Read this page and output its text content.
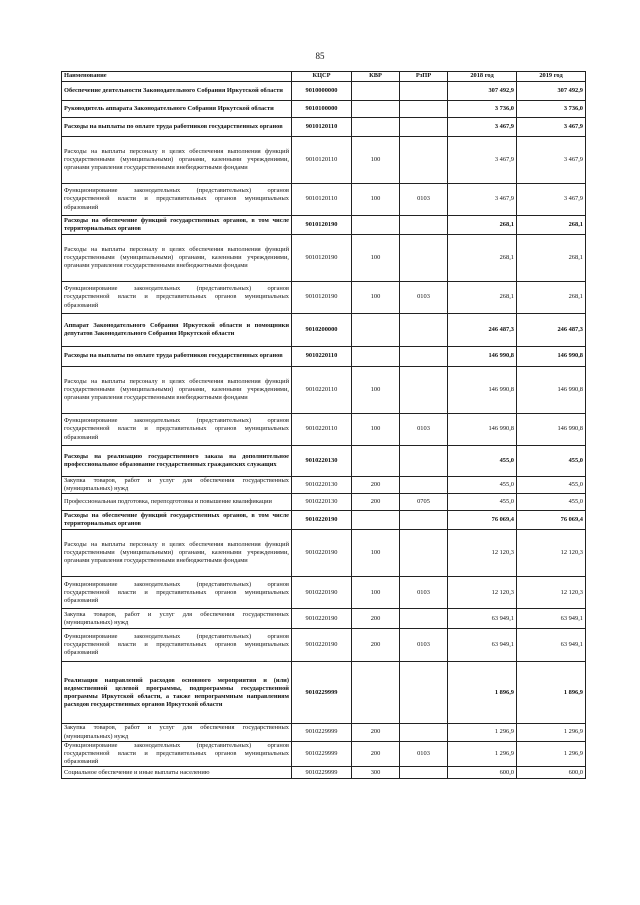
85
Наименование	КЦСР	КВР	РзПР	2018 год	2019 год
Обеспечение деятельности Законодательного Собрания Иркутской области	9010000000			307 492,9	307 492,9
Руководитель аппарата Законодательного Собрания Иркутской области	9010100000			3 736,0	3 736,0
Расходы на выплаты по оплате труда работников государственных органов	9010120110			3 467,9	3 467,9
Расходы на выплаты персоналу в целях обеспечения выполнения функций государственными (муниципальными) органами, казенными учреждениями, органами управления государственными внебюджетными фондами	9010120110	100		3 467,9	3 467,9
Функционирование законодательных (представительных) органов государственной власти и представительных органов муниципальных образований	9010120110	100	0103	3 467,9	3 467,9
Расходы на обеспечение функций государственных органов, в том числе территориальных органов	9010120190			268,1	268,1
Расходы на выплаты персоналу в целях обеспечения выполнения функций государственными (муниципальными) органами, казенными учреждениями, органами управления государственными внебюджетными фондами	9010120190	100		268,1	268,1
Функционирование законодательных (представительных) органов государственной власти и представительных органов муниципальных образований	9010120190	100	0103	268,1	268,1
Аппарат Законодательного Собрания Иркутской области и помощники депутатов Законодательного Собрания Иркутской области	9010200000			246 487,3	246 487,3
Расходы на выплаты по оплате труда работников государственных органов	9010220110			146 990,8	146 990,8
Расходы на выплаты персоналу в целях обеспечения выполнения функций государственными (муниципальными) органами, казенными учреждениями, органами управления государственными внебюджетными фондами	9010220110	100		146 990,8	146 990,8
Функционирование законодательных (представительных) органов государственной власти и представительных органов муниципальных образований	9010220110	100	0103	146 990,8	146 990,8
Расходы на реализацию государственного заказа на дополнительное профессиональное образование государственных гражданских служащих	9010220130			455,0	455,0
Закупка товаров, работ и услуг для обеспечения государственных (муниципальных) нужд	9010220130	200		455,0	455,0
Профессиональная подготовка, переподготовка и повышение квалификации	9010220130	200	0705	455,0	455,0
Расходы на обеспечение функций государственных органов, в том числе территориальных органов	9010220190			76 069,4	76 069,4
Расходы на выплаты персоналу в целях обеспечения выполнения функций государственными (муниципальными) органами, казенными учреждениями, органами управления государственными внебюджетными фондами	9010220190	100		12 120,3	12 120,3
Функционирование законодательных (представительных) органов государственной власти и представительных органов муниципальных образований	9010220190	100	0103	12 120,3	12 120,3
Закупка товаров, работ и услуг для обеспечения государственных (муниципальных) нужд	9010220190	200		63 949,1	63 949,1
Функционирование законодательных (представительных) органов государственной власти и представительных органов муниципальных образований	9010220190	200	0103	63 949,1	63 949,1
Реализация направлений расходов основного мероприятия и (или) ведомственной целевой программы, подпрограммы государственной программы Иркутской области, а также непрограммным направлениям расходов государственных органов Иркутской области	9010229999			1 896,9	1 896,9
Закупка товаров, работ и услуг для обеспечения государственных (муниципальных) нужд	9010229999	200		1 296,9	1 296,9
Функционирование законодательных (представительных) органов государственной власти и представительных органов муниципальных образований	9010229999	200	0103	1 296,9	1 296,9
Социальное обеспечение и иные выплаты населению	9010229999	300		600,0	600,0
